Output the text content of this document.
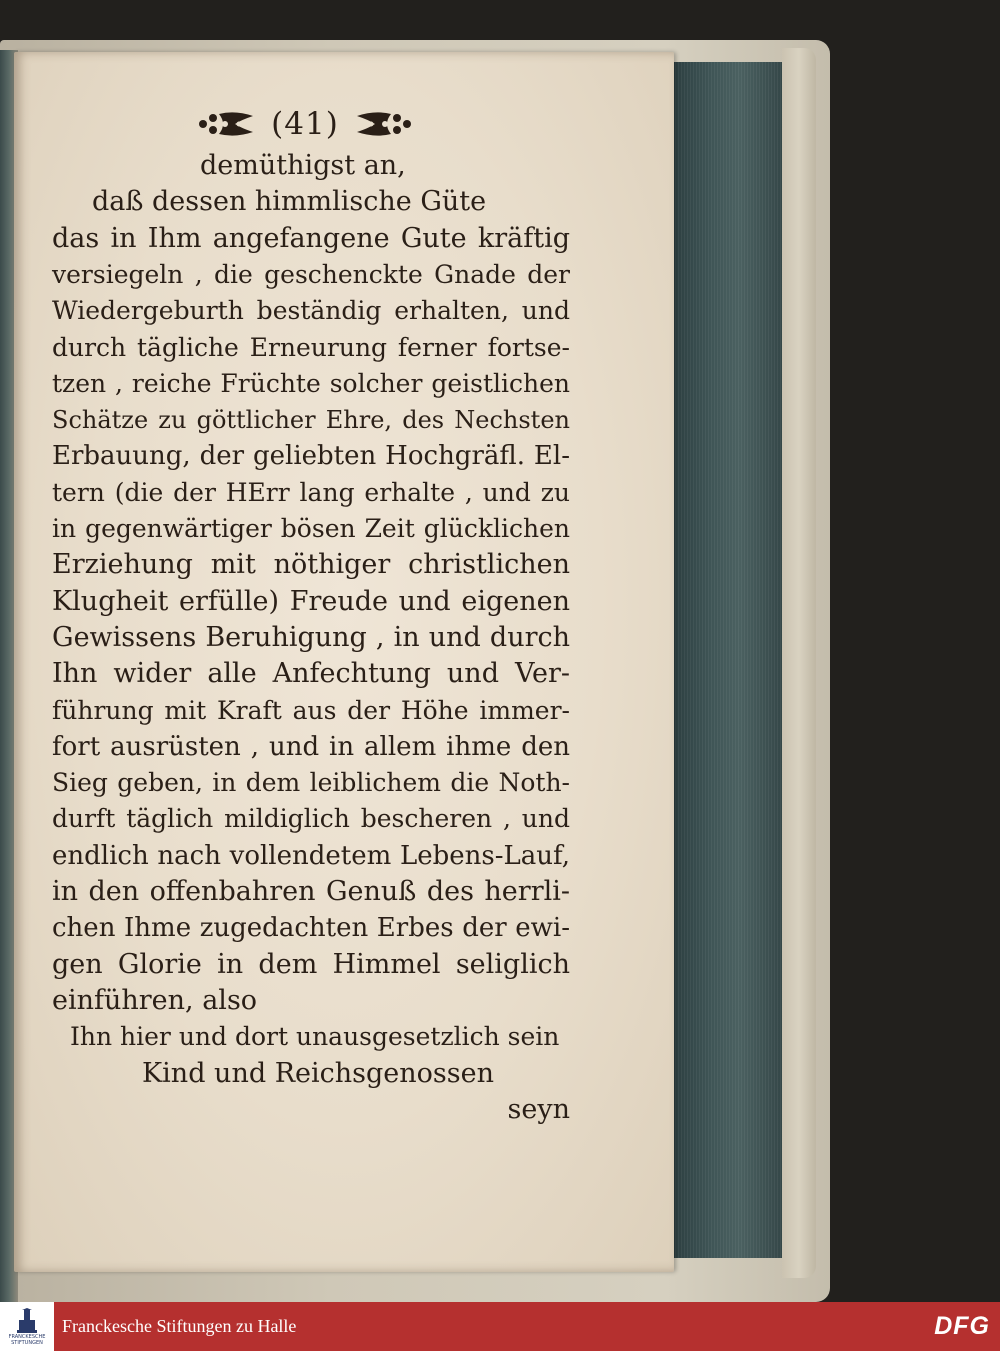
(41)
demüthigst an,
daß dessen himmlische Güte
das in Ihm angefangene Gute kräftig
versiegeln , die geschenckte Gnade der
Wiedergeburth beständig erhalten, und
durch tägliche Erneurung ferner fortse-
tzen , reiche Früchte solcher geistlichen
Schätze zu göttlicher Ehre, des Nechsten
Erbauung, der geliebten Hochgräfl. El-
tern (die der HErr lang erhalte , und zu
in gegenwärtiger bösen Zeit glücklichen
Erziehung mit nöthiger christlichen
Klugheit erfülle) Freude und eigenen
Gewissens Beruhigung , in und durch
Ihn wider alle Anfechtung und Ver-
führung mit Kraft aus der Höhe immer-
fort ausrüsten , und in allem ihme den
Sieg geben, in dem leiblichem die Noth-
durft täglich mildiglich bescheren , und
endlich nach vollendetem Lebens-Lauf,
in den offenbahren Genuß des herrli-
chen Ihme zugedachten Erbes der ewi-
gen Glorie in dem Himmel seliglich
einführen, also
Ihn hier und dort unausgesetzlich sein
Kind und Reichsgenossen
seyn
FRANCKESCHE
STIFTUNGEN
Franckesche Stiftungen zu Halle	DFG
